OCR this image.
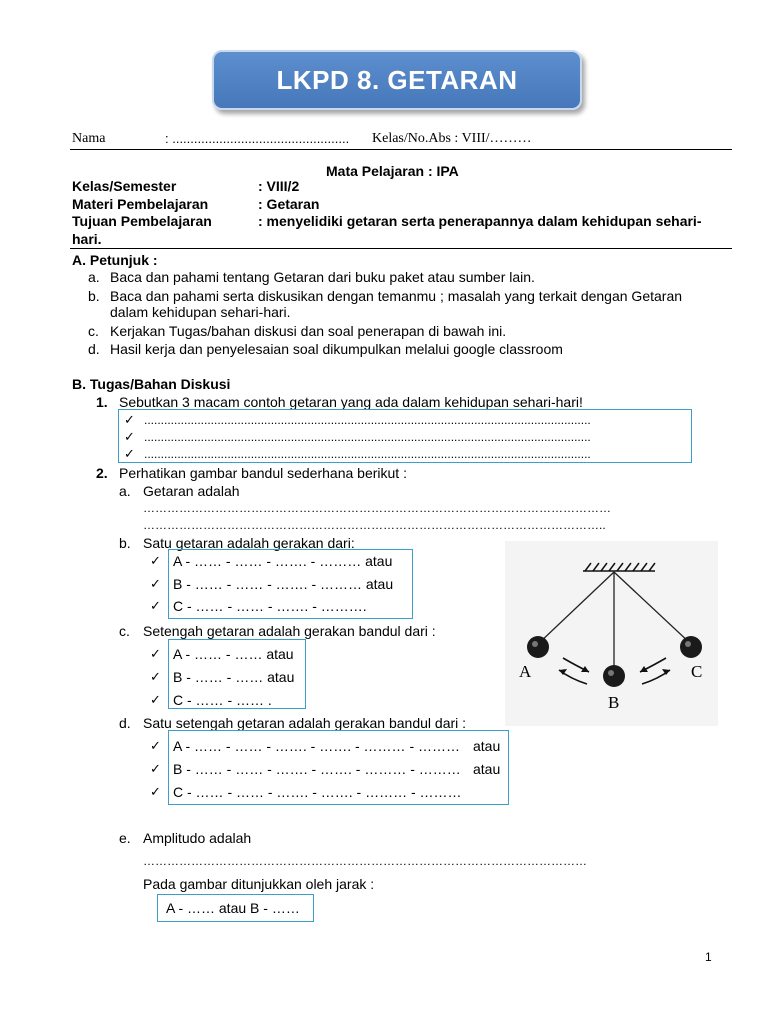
LKPD 8. GETARAN
Nama	: ................................................. Kelas/No.Abs : VIII/………
Mata Pelajaran : IPA
Kelas/Semester	: VIII/2
Materi Pembelajaran	: Getaran
Tujuan Pembelajaran	: menyelidiki getaran serta penerapannya dalam kehidupan sehari-
hari.
A. Petunjuk :
a. Baca dan pahami tentang Getaran dari buku paket atau sumber lain.
b. Baca dan pahami serta diskusikan dengan temanmu ; masalah yang terkait dengan Getaran
dalam kehidupan sehari-hari.
c. Kerjakan Tugas/bahan diskusi dan soal penerapan di bawah ini.
d. Hasil kerja dan penyelesaian soal dikumpulkan melalui google classroom
B. Tugas/Bahan Diskusi
1. Sebutkan 3 macam contoh getaran yang ada dalam kehidupan sehari-hari!
✓ ......................................................................................................................................
✓ ......................................................................................................................................
✓ ......................................................................................................................................
2. Perhatikan gambar bandul sederhana berikut :
a. Getaran adalah
………………………………………………………………………………………………………
……………………………………………………………………………………………………..
b. Satu getaran adalah gerakan dari:
✓ A - …… - …… - ……. - ……… atau
✓ B - …… - …… - ……. - ……… atau
✓ C - …… - …… - ……. - ……….
c. Setengah getaran adalah gerakan bandul dari :
✓ A - …… - …… atau
✓ B - …… - …… atau
✓ C - …… - …… .
d. Satu setengah getaran adalah gerakan bandul dari :
✓ A - …… - …… - ……. - ……. - ……… - ……… atau
✓ B - …… - …… - ……. - ……. - ……… - ……… atau
✓ C - …… - …… - ……. - ……. - ……… - ………
e. Amplitudo adalah
…………………………………………………………………………………………………
Pada gambar ditunjukkan oleh jarak :
A - …… atau B - ……
A
B
C
1
